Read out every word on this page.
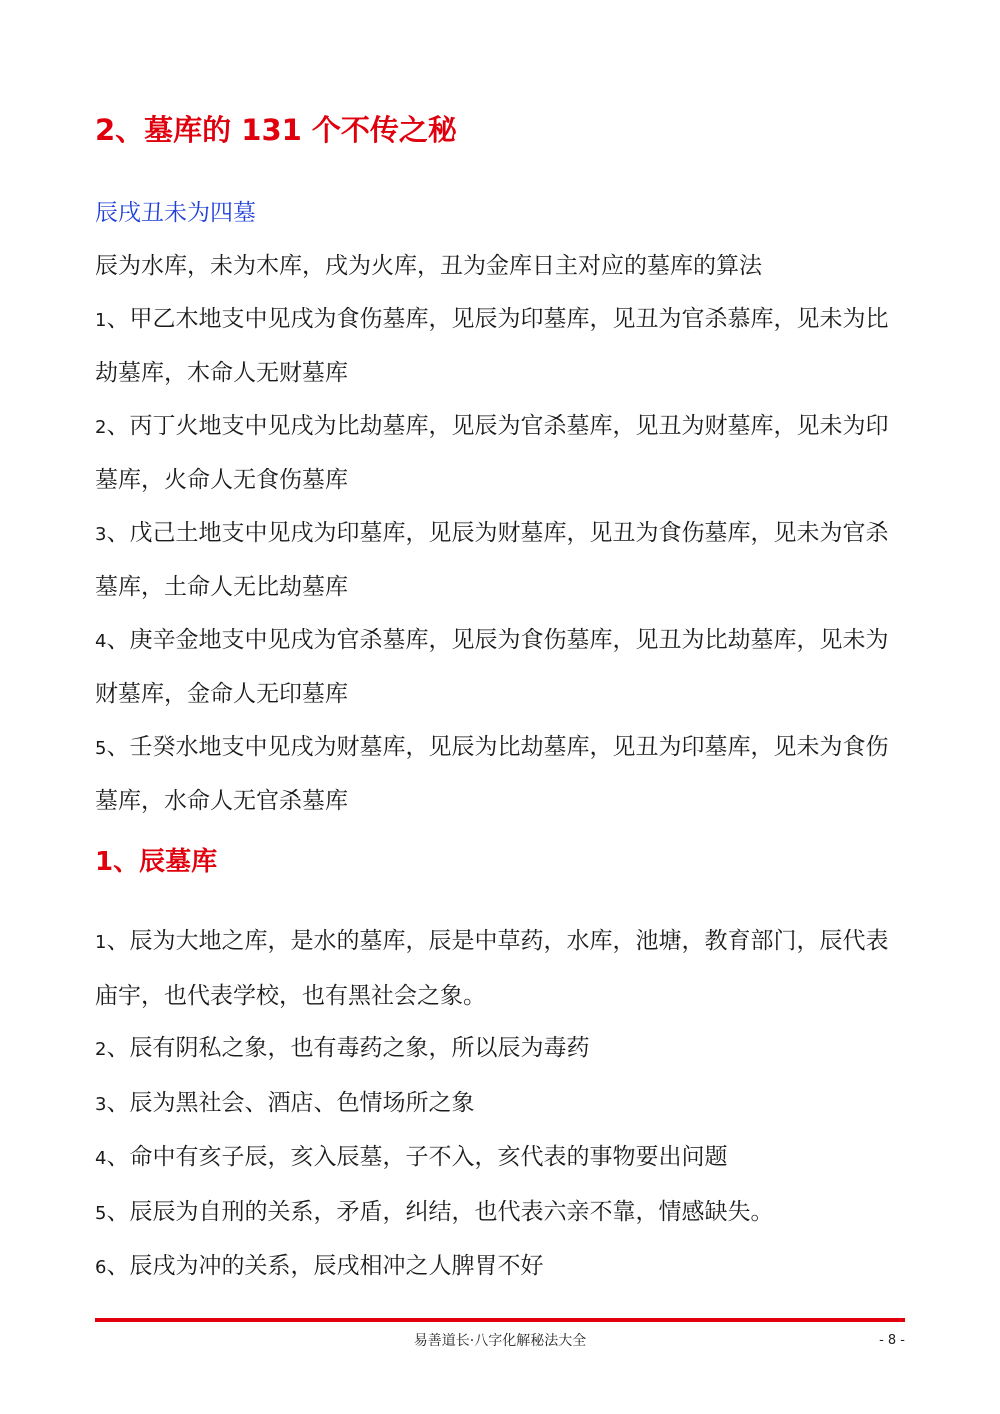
2、墓库的 131 个不传之秘
辰戌丑未为四墓

辰为水库，未为木库，戌为火库，丑为金库日主对应的墓库的算法

1、甲乙木地支中见戌为食伤墓库，见辰为印墓库，见丑为官杀慕库，见未为比劫墓库，木命人无财墓库

2、丙丁火地支中见戌为比劫墓库，见辰为官杀墓库，见丑为财墓库，见未为印墓库，火命人无食伤墓库

3、戊己土地支中见戌为印墓库，见辰为财墓库，见丑为食伤墓库，见未为官杀墓库，土命人无比劫墓库

4、庚辛金地支中见戌为官杀墓库，见辰为食伤墓库，见丑为比劫墓库，见未为财墓库，金命人无印墓库

5、壬癸水地支中见戌为财墓库，见辰为比劫墓库，见丑为印墓库，见未为食伤墓库，水命人无官杀墓库

1、辰墓库

1、辰为大地之库，是水的墓库，辰是中草药，水库，池塘，教育部门，辰代表庙宇，也代表学校，也有黑社会之象。

2、辰有阴私之象，也有毒药之象，所以辰为毒药

3、辰为黑社会、酒店、色情场所之象

4、命中有亥子辰，亥入辰墓，子不入，亥代表的事物要出问题

5、辰辰为自刑的关系，矛盾，纠结，也代表六亲不靠，情感缺失。

6、辰戌为冲的关系，辰戌相冲之人脾胃不好

易善道长·八字化解秘法大全	- 8 -
